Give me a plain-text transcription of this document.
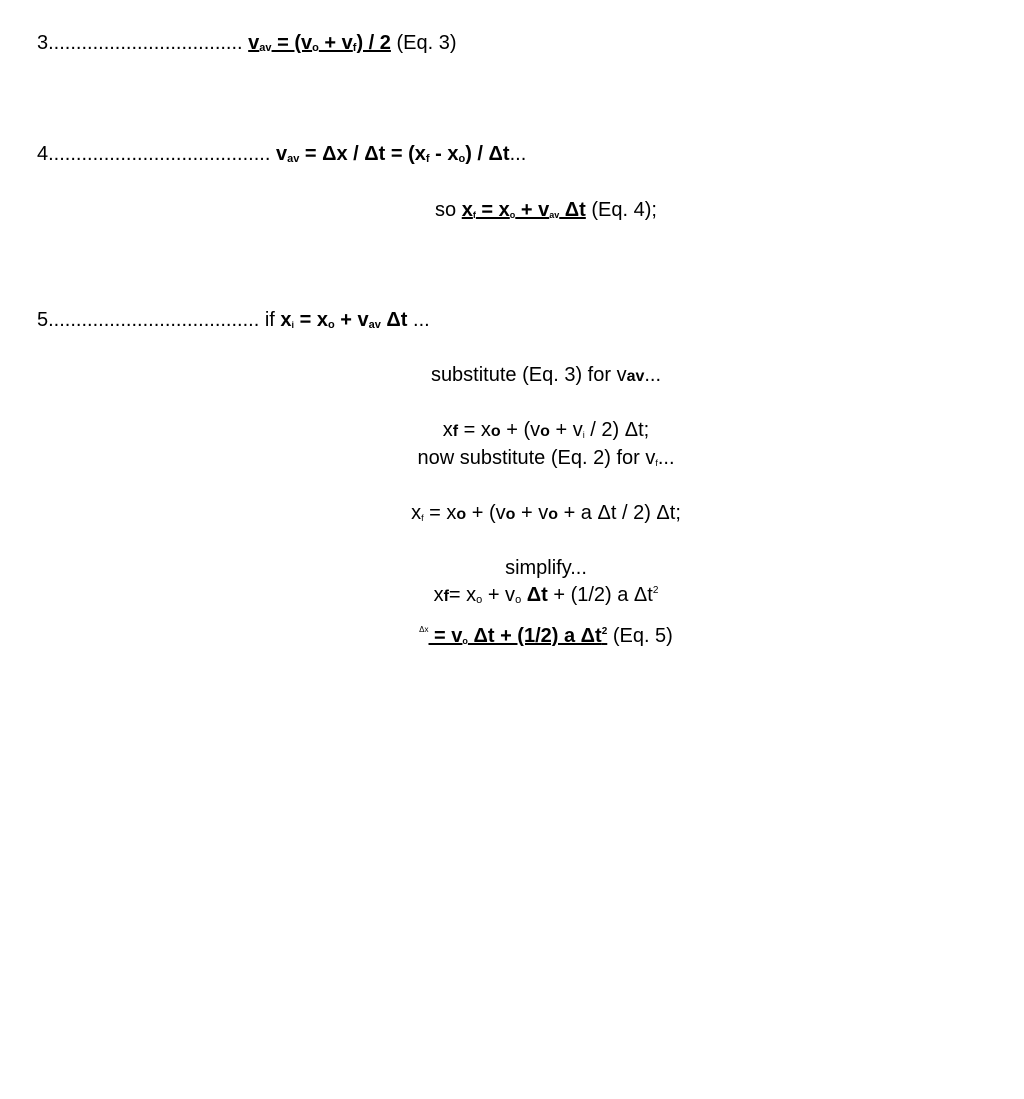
3................................... vav = (vo + vf) / 2 (Eq. 3)
4........................................ vav = Δx / Δt = (xf - xo) / Δt...
so xf = xo + vav Δt (Eq. 4);
5...................................... if xi = xo + vav Δt ...
substitute (Eq. 3) for vav...
xf = xo + (vo + vi / 2) Δt;
now substitute (Eq. 2) for vf...
xf = xo + (vo + vo + a Δt / 2) Δt;
simplify...
xf= xo + vo Δt + (1/2) a $\Delta t^2$
$^{\Delta x}$ = vo Δt + (1/2) a $\Delta t^2$ (Eq. 5)
